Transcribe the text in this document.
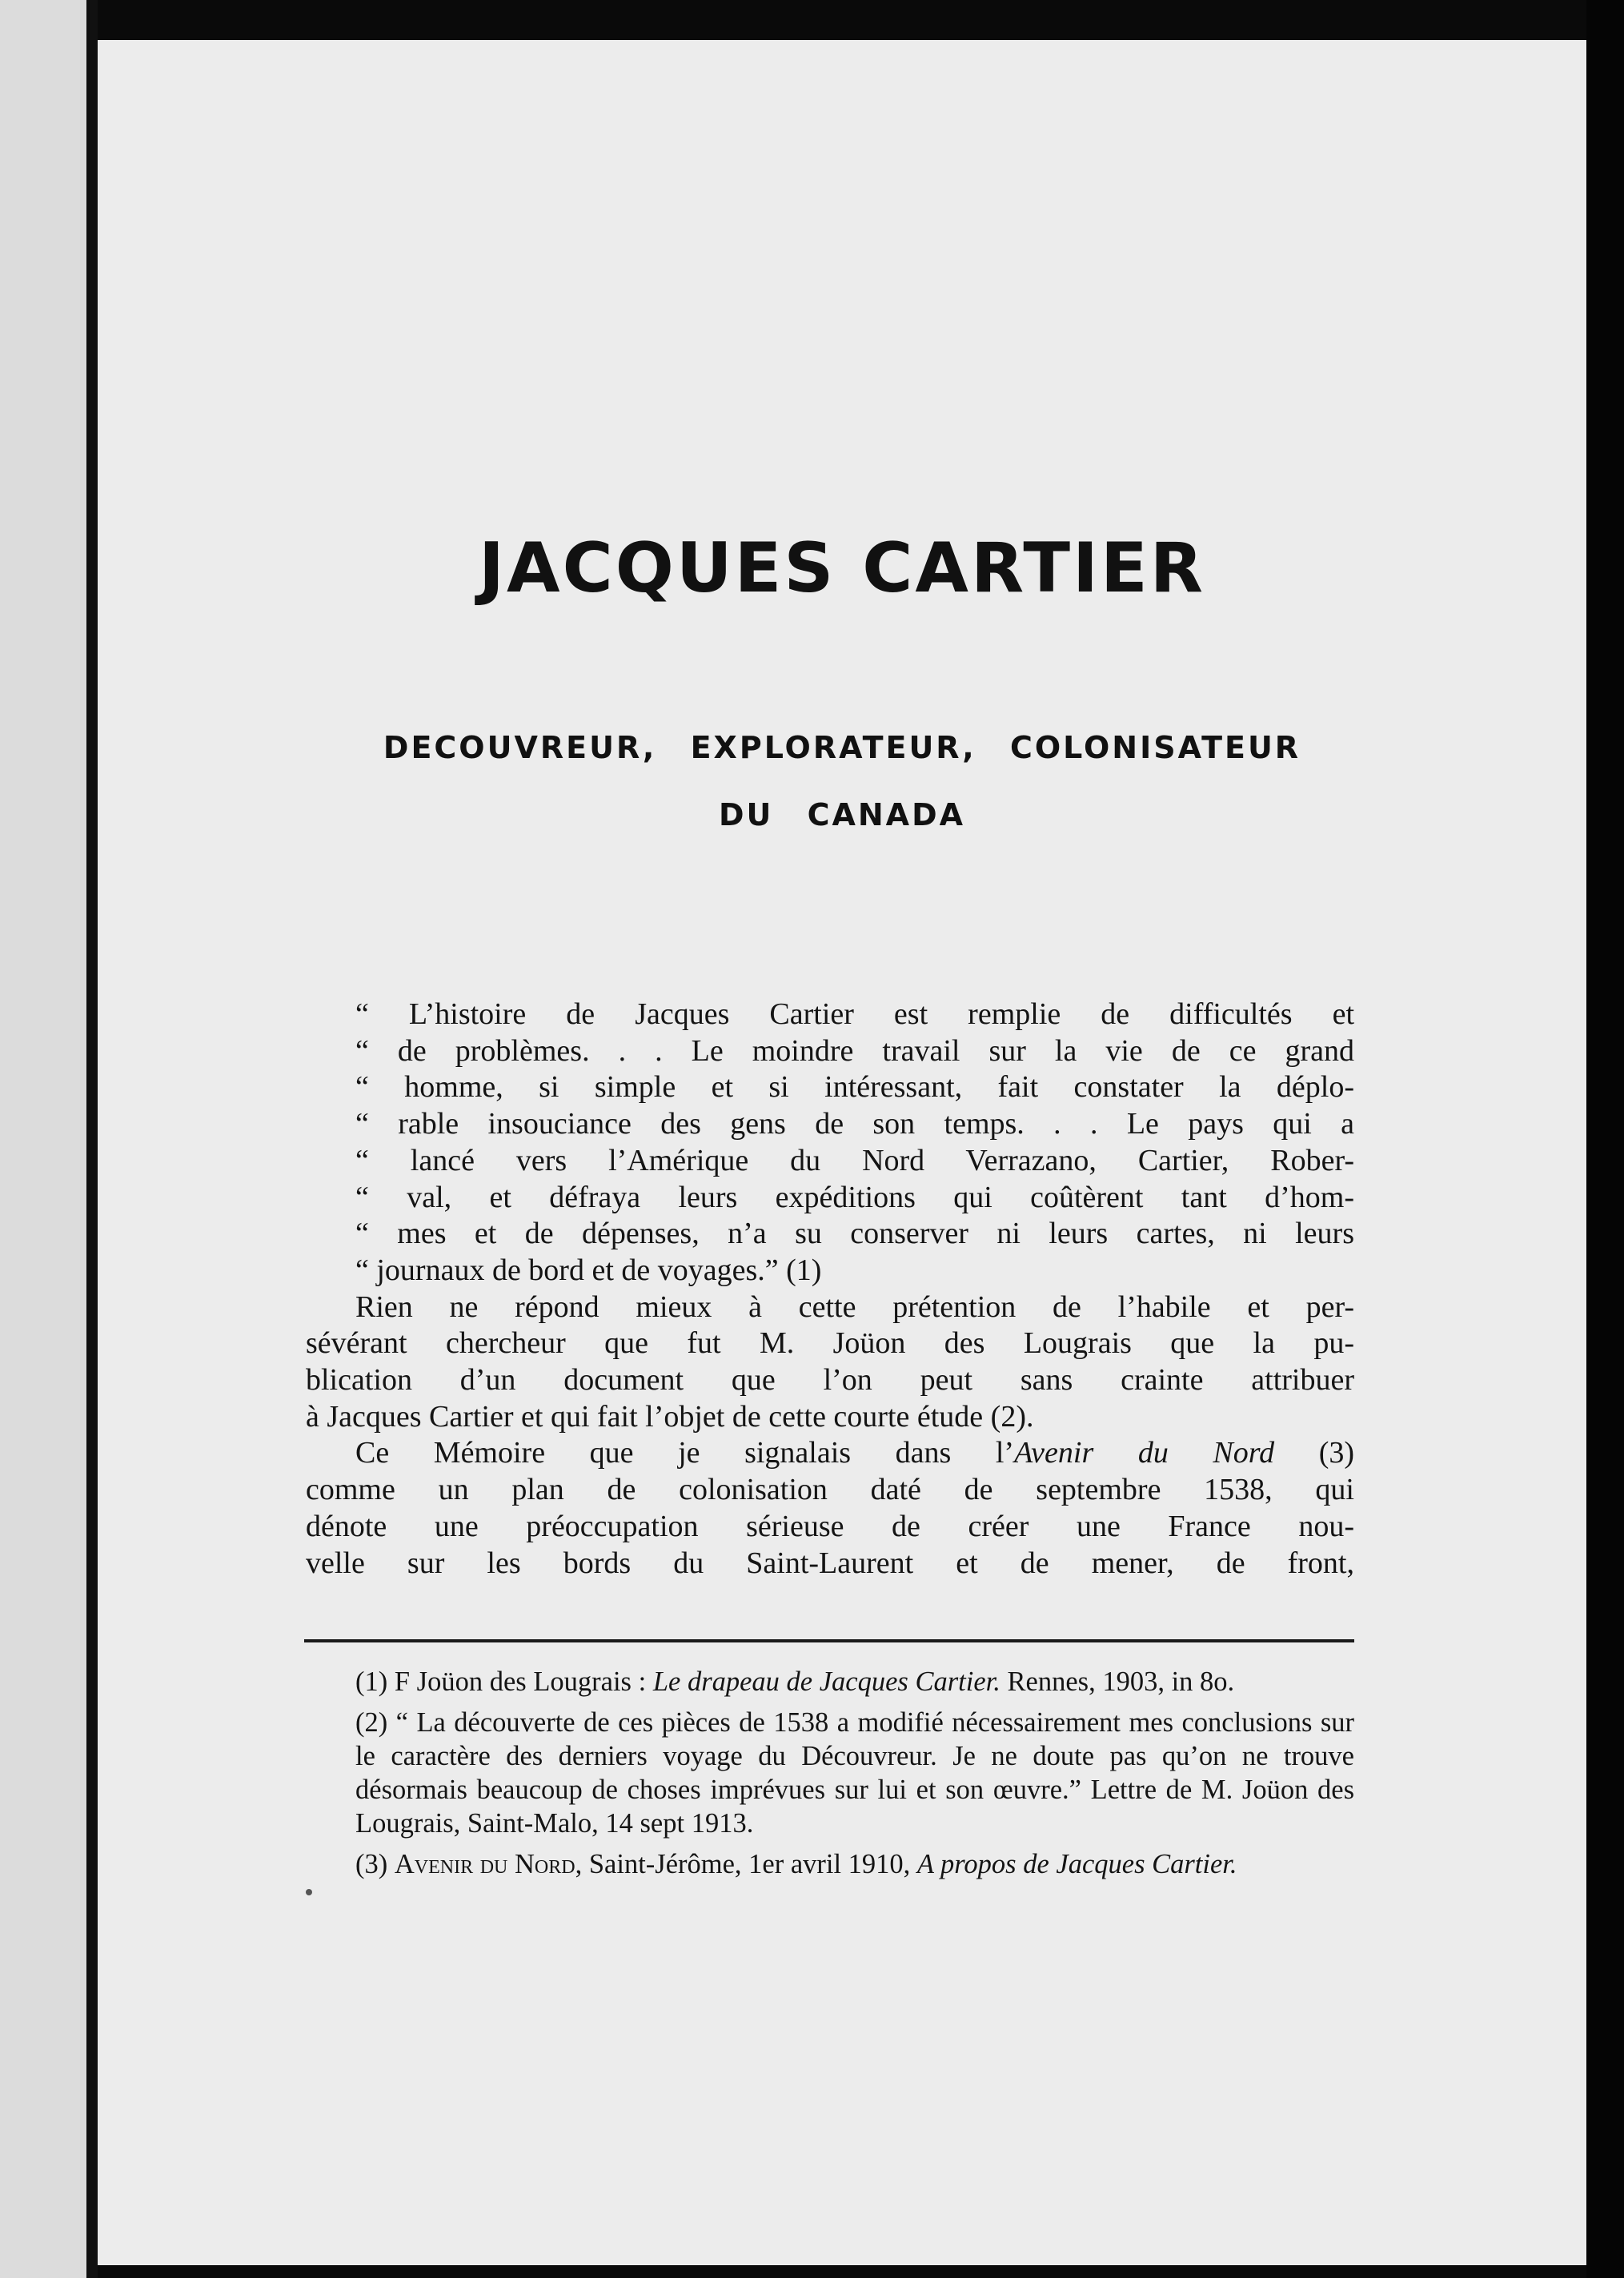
JACQUES CARTIER
DECOUVREUR, EXPLORATEUR, COLONISATEUR
DU CANADA
“ L’histoire de Jacques Cartier est remplie de difficultés et
“ de problèmes. . . Le moindre travail sur la vie de ce grand
“ homme, si simple et si intéressant, fait constater la déplo-
“ rable insouciance des gens de son temps. . . Le pays qui a
“ lancé vers l’Amérique du Nord Verrazano, Cartier, Rober-
“ val, et défraya leurs expéditions qui coûtèrent tant d’hom-
“ mes et de dépenses, n’a su conserver ni leurs cartes, ni leurs
“ journaux de bord et de voyages.” (1)
Rien ne répond mieux à cette prétention de l’habile et per-
sévérant chercheur que fut M. Joüon des Lougrais que la pu-
blication d’un document que l’on peut sans crainte attribuer
à Jacques Cartier et qui fait l’objet de cette courte étude (2).
Ce Mémoire que je signalais dans l’Avenir du Nord (3)
comme un plan de colonisation daté de septembre 1538, qui
dénote une préoccupation sérieuse de créer une France nou-
velle sur les bords du Saint-Laurent et de mener, de front,
(1) F Joüon des Lougrais : Le drapeau de Jacques Cartier. Rennes, 1903, in 8o.
(2) “ La découverte de ces pièces de 1538 a modifié nécessairement mes conclusions sur le caractère des derniers voyage du Découvreur. Je ne doute pas qu’on ne trouve désormais beaucoup de choses imprévues sur lui et son œuvre.” Lettre de M. Joüon des Lougrais, Saint-Malo, 14 sept 1913.
(3) Avenir du Nord, Saint-Jérôme, 1er avril 1910, A propos de Jacques Cartier.
